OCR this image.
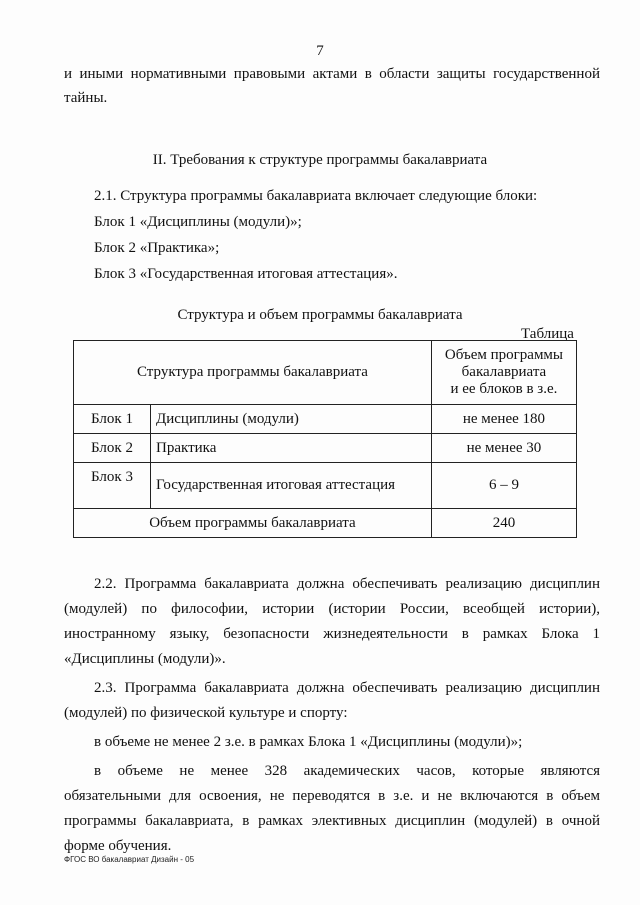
7

и иными нормативными правовыми актами в области защиты государственной

тайны.

II. Требования к структуре программы бакалавриата

2.1. Структура программы бакалавриата включает следующие блоки:

Блок 1 «Дисциплины (модули)»;

Блок 2 «Практика»;

Блок 3 «Государственная итоговая аттестация».

Структура и объем программы бакалавриата

Таблица

Структура программы бакалавриата		Объем программы
бакалавриата
и ее блоков в з.е.
Блок 1	Дисциплины (модули)	не менее 180
Блок 2	Практика	не менее 30
Блок 3	Государственная итоговая аттестация	6 – 9
Объем программы бакалавриата		240

2.2. Программа бакалавриата должна обеспечивать реализацию дисциплин

(модулей) по философии, истории (истории России, всеобщей истории),

иностранному языку, безопасности жизнедеятельности в рамках Блока 1

«Дисциплины (модули)».

2.3. Программа бакалавриата должна обеспечивать реализацию дисциплин

(модулей) по физической культуре и спорту:

в объеме не менее 2 з.е. в рамках Блока 1 «Дисциплины (модули)»;

в объеме не менее 328 академических часов, которые являются

обязательными для освоения, не переводятся в з.е. и не включаются в объем

программы бакалавриата, в рамках элективных дисциплин (модулей) в очной

форме обучения.

ФГОС ВО бакалавриат Дизайн - 05
